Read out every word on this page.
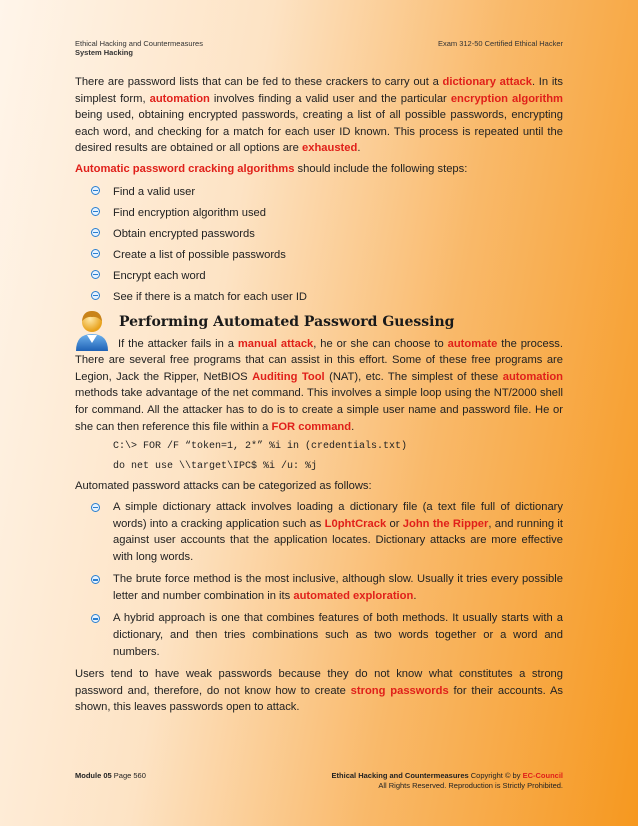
Ethical Hacking and Countermeasures
System Hacking
Exam 312-50 Certified Ethical Hacker

There are password lists that can be fed to these crackers to carry out a dictionary attack. In its simplest form, automation involves finding a valid user and the particular encryption algorithm being used, obtaining encrypted passwords, creating a list of all possible passwords, encrypting each word, and checking for a match for each user ID known. This process is repeated until the desired results are obtained or all options are exhausted.

Automatic password cracking algorithms should include the following steps:

Find a valid user
Find encryption algorithm used
Obtain encrypted passwords
Create a list of possible passwords
Encrypt each word
See if there is a match for each user ID
Performing Automated Password Guessing

If the attacker fails in a manual attack, he or she can choose to automate the process. There are several free programs that can assist in this effort. Some of these free programs are Legion, Jack the Ripper, NetBIOS Auditing Tool (NAT), etc. The simplest of these automation methods take advantage of the net command. This involves a simple loop using the NT/2000 shell for command. All the attacker has to do is to create a simple user name and password file. He or she can then reference this file within a FOR command.

C:\> FOR /F “token=1, 2*” %i in (credentials.txt)
do net use \\target\IPC$ %i /u: %j

Automated password attacks can be categorized as follows:

A simple dictionary attack involves loading a dictionary file (a text file full of dictionary words) into a cracking application such as L0phtCrack or John the Ripper, and running it against user accounts that the application locates. Dictionary attacks are more effective with long words.
The brute force method is the most inclusive, although slow. Usually it tries every possible letter and number combination in its automated exploration.
A hybrid approach is one that combines features of both methods. It usually starts with a dictionary, and then tries combinations such as two words together or a word and numbers.

Users tend to have weak passwords because they do not know what constitutes a strong password and, therefore, do not know how to create strong passwords for their accounts. As shown, this leaves passwords open to attack.

Module 05 Page 560	Ethical Hacking and Countermeasures Copyright © by EC-Council
All Rights Reserved. Reproduction is Strictly Prohibited.
